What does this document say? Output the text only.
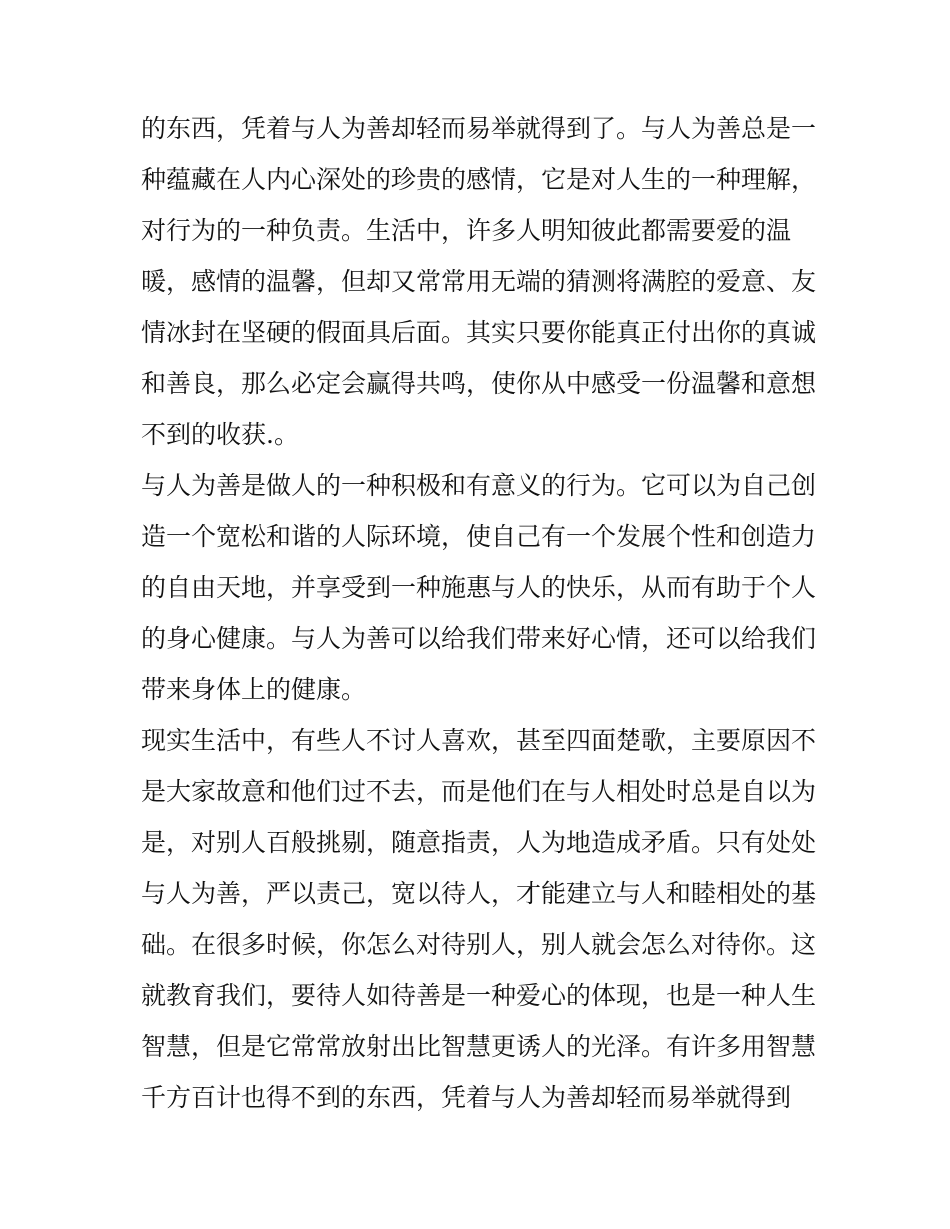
的东西，凭着与人为善却轻而易举就得到了。与人为善总是一
种蕴藏在人内心深处的珍贵的感情，它是对人生的一种理解，
对行为的一种负责。生活中，许多人明知彼此都需要爱的温
暖，感情的温馨，但却又常常用无端的猜测将满腔的爱意、友
情冰封在坚硬的假面具后面。其实只要你能真正付出你的真诚
和善良，那么必定会赢得共鸣，使你从中感受一份温馨和意想
不到的收获.。
与人为善是做人的一种积极和有意义的行为。它可以为自己创
造一个宽松和谐的人际环境，使自己有一个发展个性和创造力
的自由天地，并享受到一种施惠与人的快乐，从而有助于个人
的身心健康。与人为善可以给我们带来好心情，还可以给我们
带来身体上的健康。
现实生活中，有些人不讨人喜欢，甚至四面楚歌，主要原因不
是大家故意和他们过不去，而是他们在与人相处时总是自以为
是，对别人百般挑剔，随意指责，人为地造成矛盾。只有处处
与人为善，严以责己，宽以待人，才能建立与人和睦相处的基
础。在很多时候，你怎么对待别人，别人就会怎么对待你。这
就教育我们，要待人如待善是一种爱心的体现，也是一种人生
智慧，但是它常常放射出比智慧更诱人的光泽。有许多用智慧
千方百计也得不到的东西，凭着与人为善却轻而易举就得到
